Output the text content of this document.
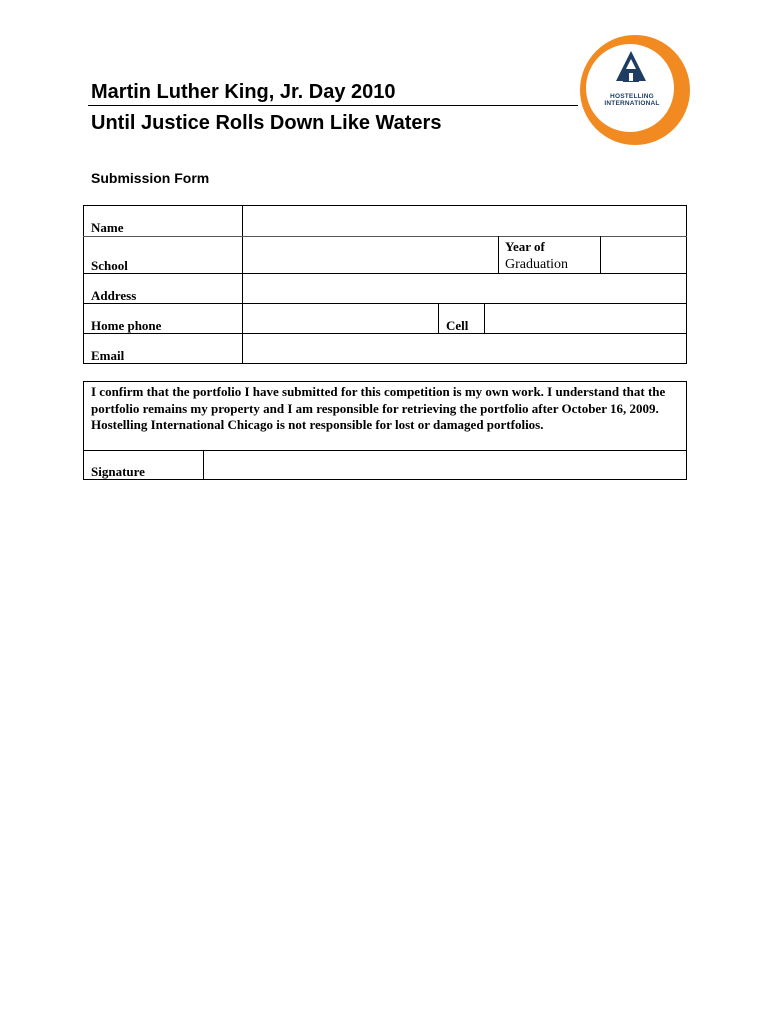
Martin Luther King, Jr. Day 2010
Until Justice Rolls Down Like Waters
Submission Form
HOSTELLING
INTERNATIONAL
Name
School
Year of
Graduation
Address
Home phone	Cell
Email
I confirm that the portfolio I have submitted for this competition is my own work. I understand that the portfolio remains my property and I am responsible for retrieving the portfolio after October 16, 2009. Hostelling International Chicago is not responsible for lost or damaged portfolios.
Signature
